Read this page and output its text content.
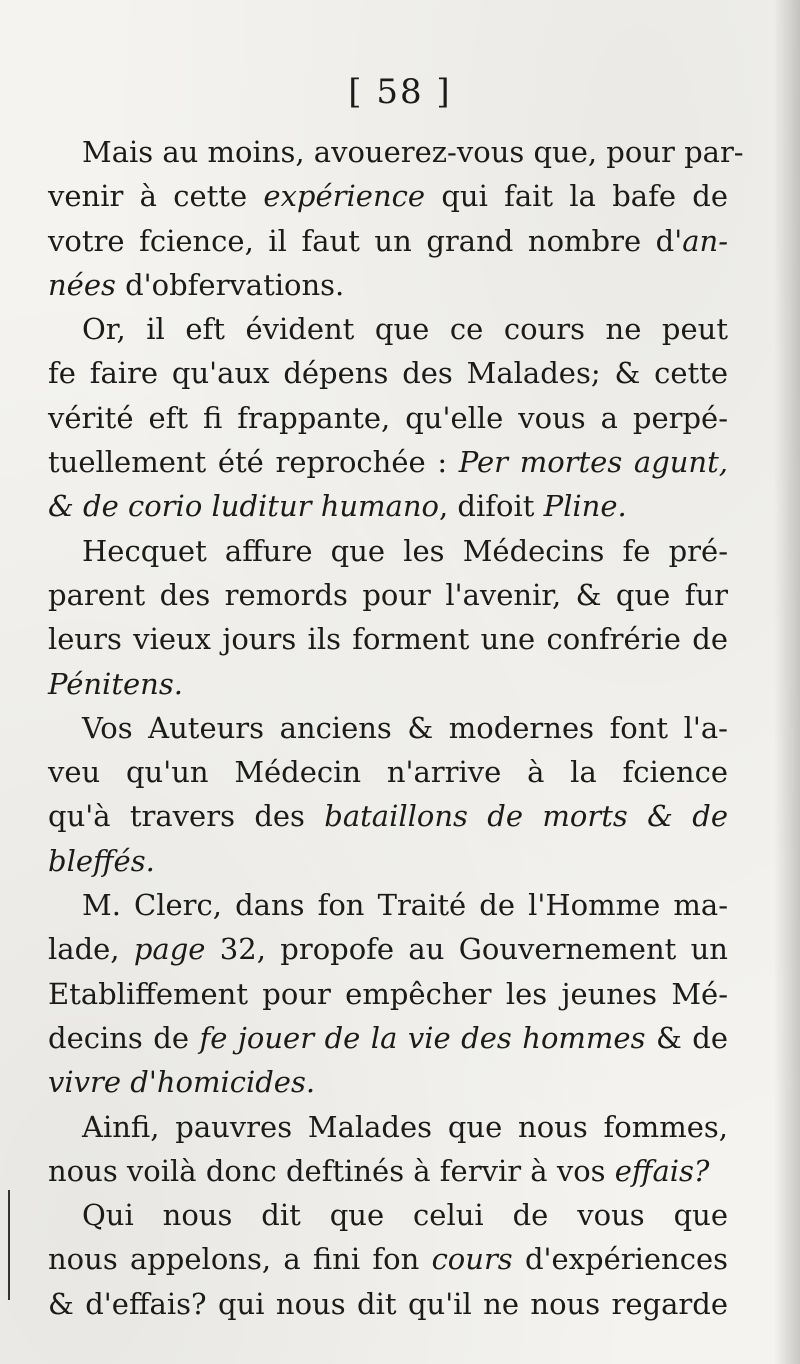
[ 58 ]
Mais au moins, avouerez-vous que, pour par-
venir à cette expérience qui fait la bafe de
votre fcience, il faut un grand nombre d'an-
nées d'obfervations.
Or, il eft évident que ce cours ne peut
fe faire qu'aux dépens des Malades; & cette
vérité eft fi frappante, qu'elle vous a perpé-
tuellement été reprochée : Per mortes agunt,
& de corio luditur humano, difoit Pline.
Hecquet affure que les Médecins fe pré-
parent des remords pour l'avenir, & que fur
leurs vieux jours ils forment une confrérie de
Pénitens.
Vos Auteurs anciens & modernes font l'a-
veu qu'un Médecin n'arrive à la fcience
qu'à travers des bataillons de morts & de
bleffés.
M. Clerc, dans fon Traité de l'Homme ma-
lade, page 32, propofe au Gouvernement un
Etabliffement pour empêcher les jeunes Mé-
decins de fe jouer de la vie des hommes & de
vivre d'homicides.
Ainfi, pauvres Malades que nous fommes,
nous voilà donc deftinés à fervir à vos effais?
Qui nous dit que celui de vous que
nous appelons, a fini fon cours d'expériences
& d'effais? qui nous dit qu'il ne nous regarde
